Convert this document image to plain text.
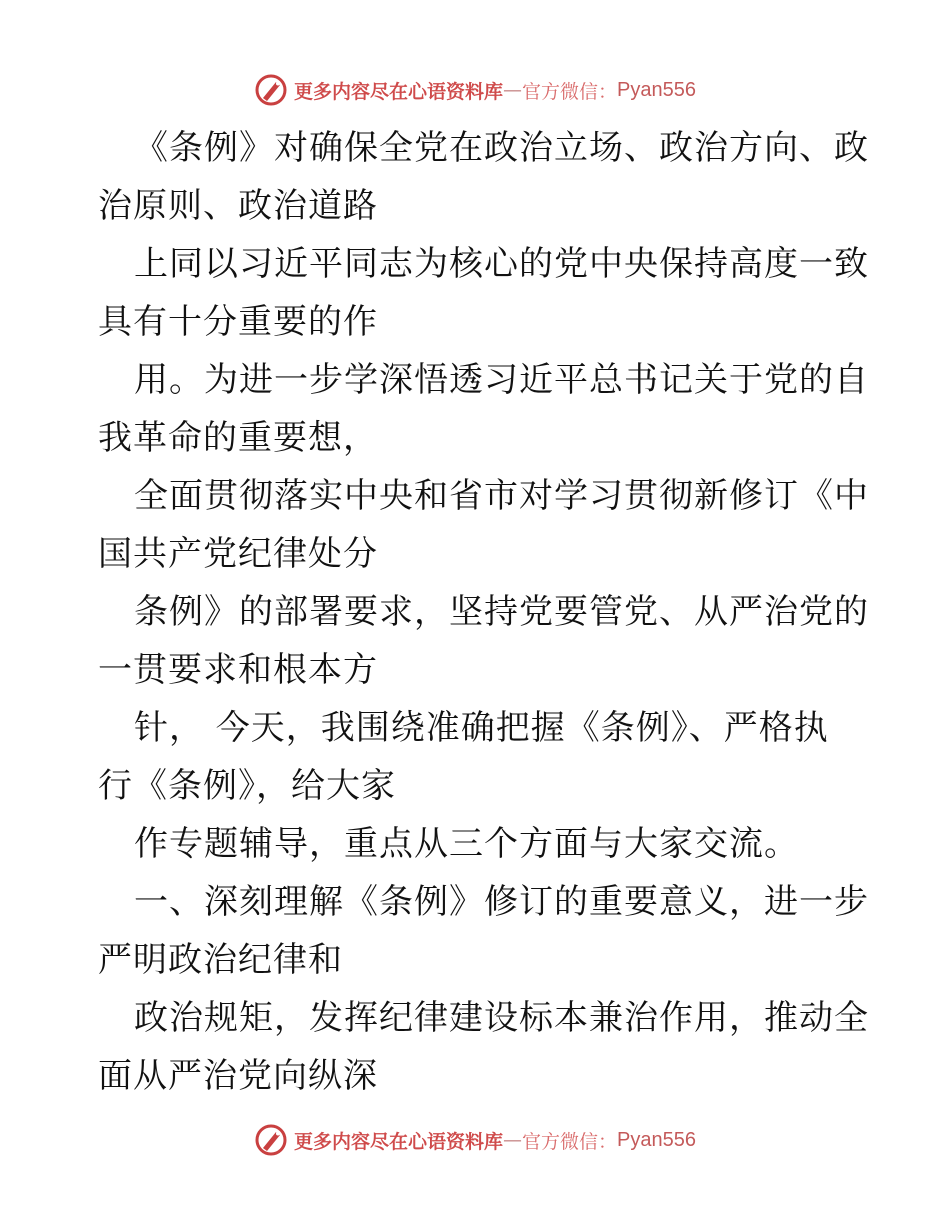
更多内容尽在心语资料库 — 官方微信： Pyan556
《条例》对确保全党在政治立场、政治方向、政
治原则、政治道路
上同以习近平同志为核心的党中央保持高度一致
具有十分重要的作
用。为进一步学深悟透习近平总书记关于党的自
我革命的重要想，
全面贯彻落实中央和省市对学习贯彻新修订《中
国共产党纪律处分
条例》的部署要求，坚持党要管党、从严治党的
一贯要求和根本方
针， 今天，我围绕准确把握《条例》、严格执
行《条例》，给大家
作专题辅导，重点从三个方面与大家交流。
一、深刻理解《条例》修订的重要意义，进一步
严明政治纪律和
政治规矩，发挥纪律建设标本兼治作用，推动全
面从严治党向纵深
更多内容尽在心语资料库 — 官方微信： Pyan556
